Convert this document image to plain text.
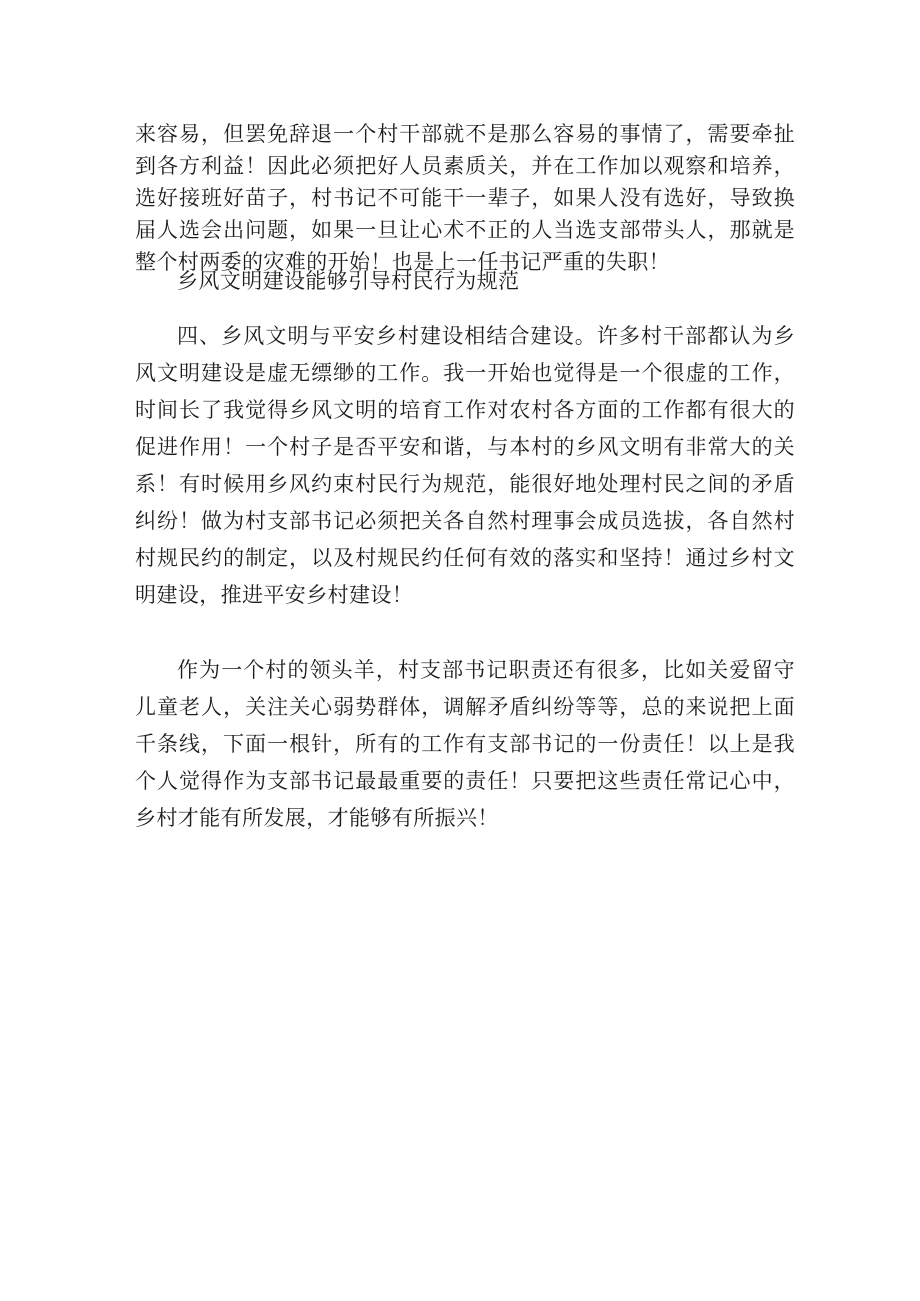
来容易，但罢免辞退一个村干部就不是那么容易的事情了，需要牵扯到各方利益！因此必须把好人员素质关，并在工作加以观察和培养，选好接班好苗子，村书记不可能干一辈子，如果人没有选好，导致换届人选会出问题，如果一旦让心术不正的人当选支部带头人，那就是整个村两委的灾难的开始！也是上一任书记严重的失职！

乡风文明建设能够引导村民行为规范

四、乡风文明与平安乡村建设相结合建设。许多村干部都认为乡风文明建设是虚无缥缈的工作。我一开始也觉得是一个很虚的工作，时间长了我觉得乡风文明的培育工作对农村各方面的工作都有很大的促进作用！一个村子是否平安和谐，与本村的乡风文明有非常大的关系！有时候用乡风约束村民行为规范，能很好地处理村民之间的矛盾纠纷！做为村支部书记必须把关各自然村理事会成员选拔，各自然村村规民约的制定，以及村规民约任何有效的落实和坚持！通过乡村文明建设，推进平安乡村建设！

作为一个村的领头羊，村支部书记职责还有很多，比如关爱留守儿童老人，关注关心弱势群体，调解矛盾纠纷等等，总的来说把上面千条线，下面一根针，所有的工作有支部书记的一份责任！以上是我个人觉得作为支部书记最最重要的责任！只要把这些责任常记心中，乡村才能有所发展，才能够有所振兴！
